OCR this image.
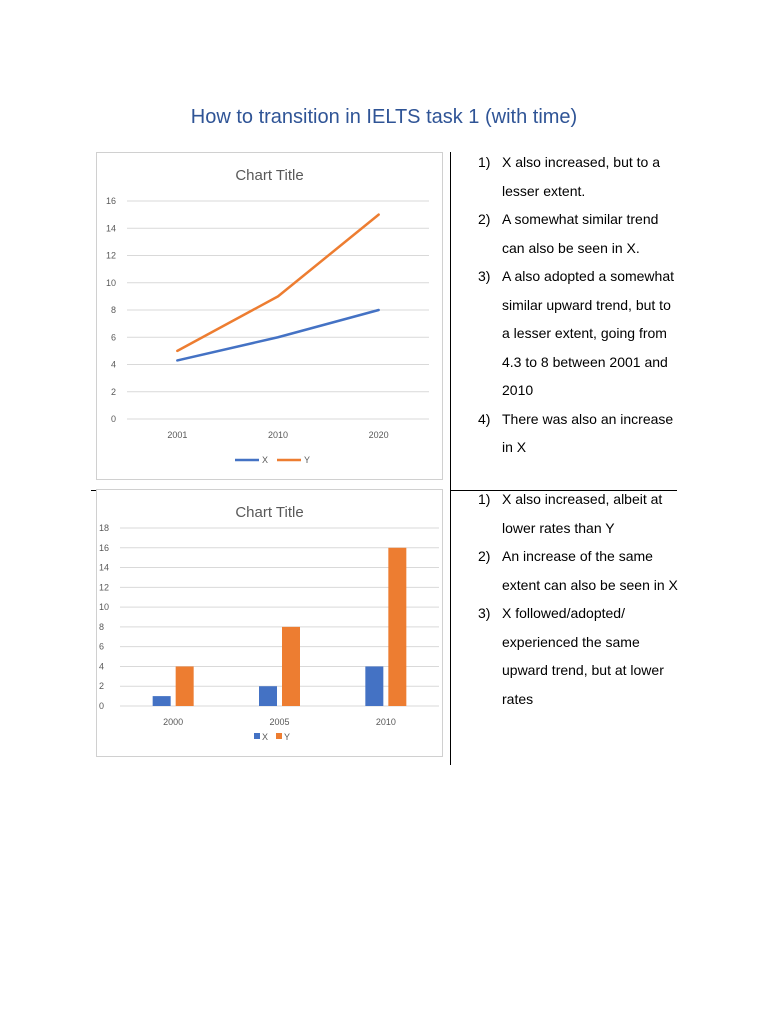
How to transition in IELTS task 1 (with time)
Chart Title
0
2
4
6
8
10
12
14
16
2001	2010	2020
X	Y
Chart Title
0
2
4
6
8
10
12
14
16
18
2000	2005	2010
X Y
1) X also increased, but to a lesser extent.
2) A somewhat similar trend can also be seen in X.
3) A also adopted a somewhat similar upward trend, but to a lesser extent, going from 4.3 to 8 between 2001 and 2010
4) There was also an increase in X
1) X also increased, albeit at lower rates than Y
2) An increase of the same extent can also be seen in X
3) X followed/adopted/ experienced the same upward trend, but at lower rates
